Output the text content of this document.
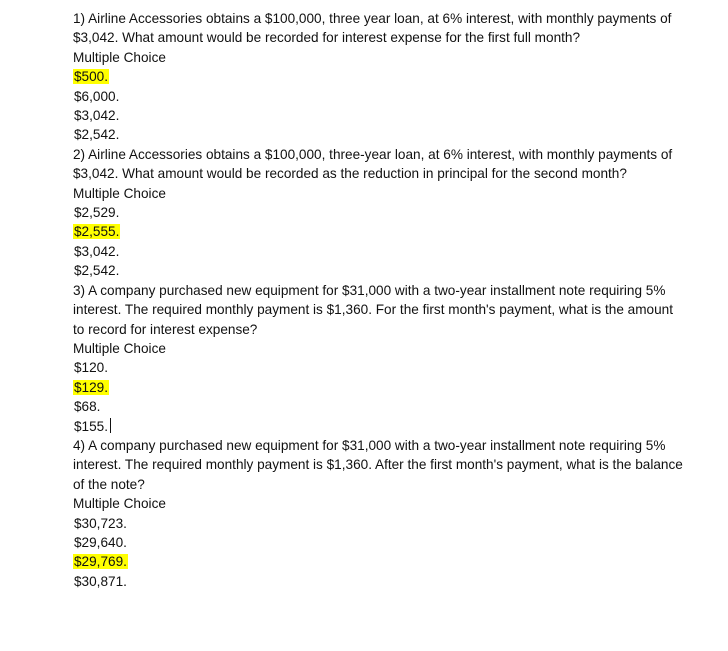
1) Airline Accessories obtains a $100,000, three year loan, at 6% interest, with monthly payments of $3,042. What amount would be recorded for interest expense for the first full month?
Multiple Choice
$500.
$6,000.
$3,042.
$2,542.
2) Airline Accessories obtains a $100,000, three-year loan, at 6% interest, with monthly payments of $3,042. What amount would be recorded as the reduction in principal for the second month?
Multiple Choice
$2,529.
$2,555.
$3,042.
$2,542.
3) A company purchased new equipment for $31,000 with a two-year installment note requiring 5% interest. The required monthly payment is $1,360. For the first month's payment, what is the amount to record for interest expense?
Multiple Choice
$120.
$129.
$68.
$155.
4) A company purchased new equipment for $31,000 with a two-year installment note requiring 5% interest. The required monthly payment is $1,360. After the first month's payment, what is the balance of the note?
Multiple Choice
$30,723.
$29,640.
$29,769.
$30,871.
